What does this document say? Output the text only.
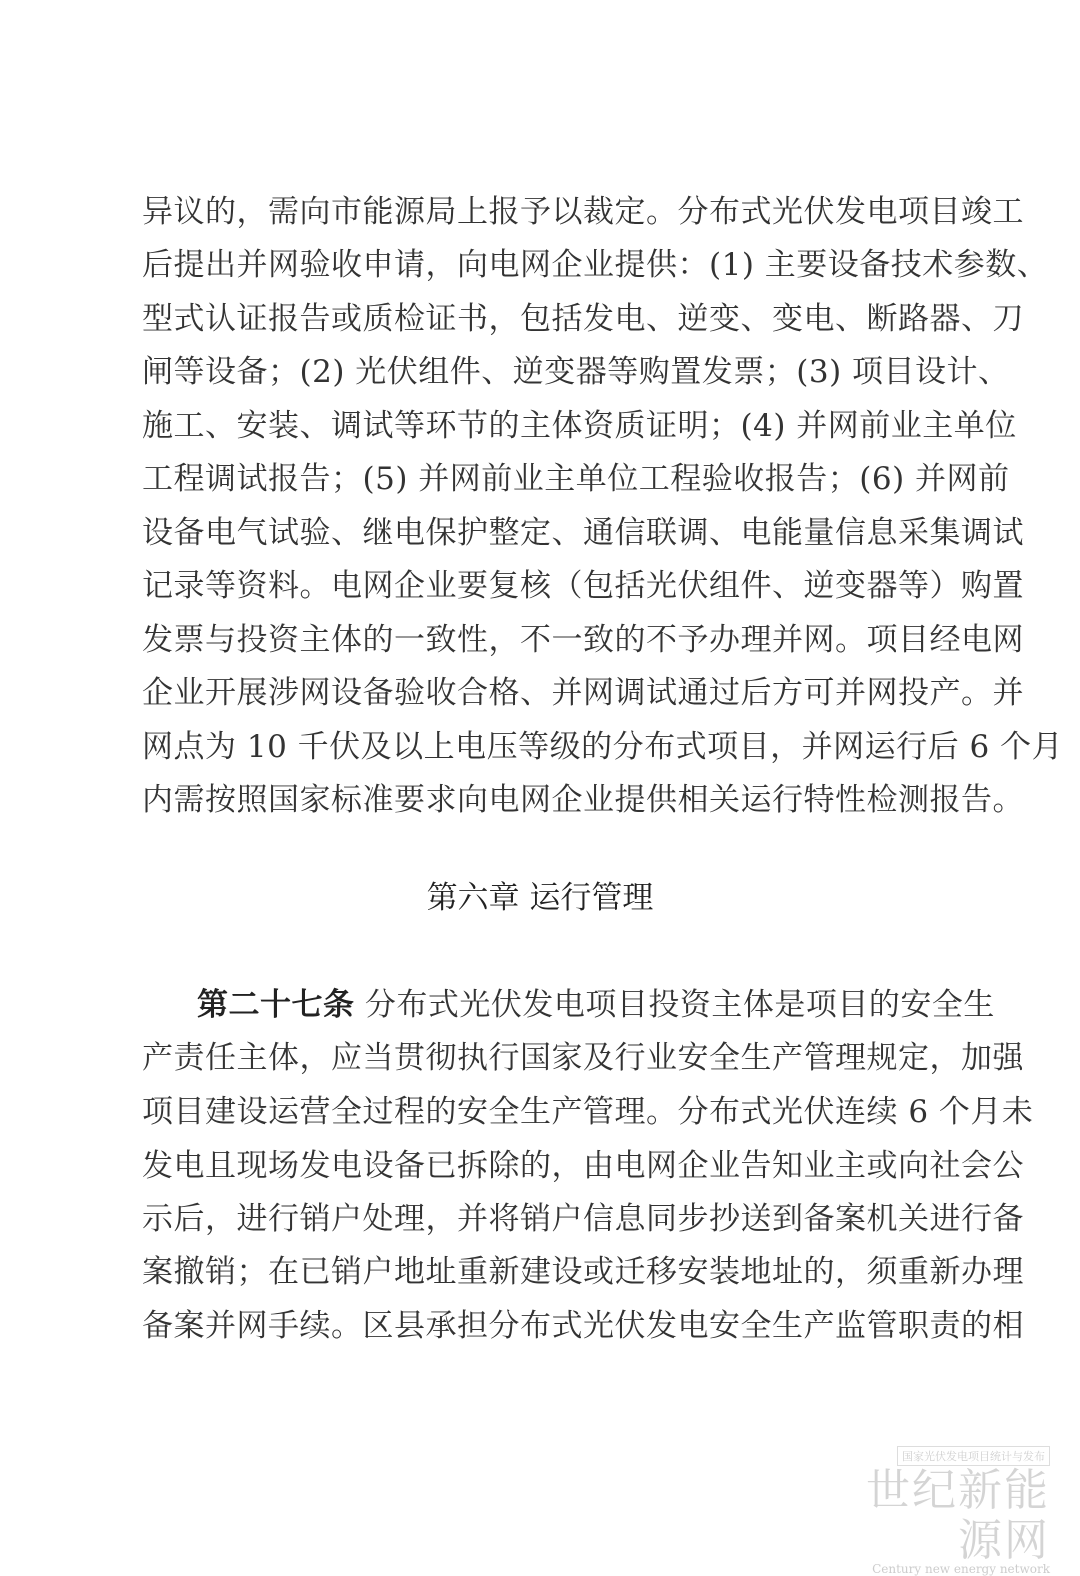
异议的，需向市能源局上报予以裁定。分布式光伏发电项目竣工
后提出并网验收申请，向电网企业提供：(1) 主要设备技术参数、
型式认证报告或质检证书，包括发电、逆变、变电、断路器、刀
闸等设备；(2) 光伏组件、逆变器等购置发票；(3) 项目设计、
施工、安装、调试等环节的主体资质证明；(4) 并网前业主单位
工程调试报告；(5) 并网前业主单位工程验收报告；(6) 并网前
设备电气试验、继电保护整定、通信联调、电能量信息采集调试
记录等资料。电网企业要复核（包括光伏组件、逆变器等）购置
发票与投资主体的一致性，不一致的不予办理并网。项目经电网
企业开展涉网设备验收合格、并网调试通过后方可并网投产。并
网点为 10 千伏及以上电压等级的分布式项目，并网运行后 6 个月
内需按照国家标准要求向电网企业提供相关运行特性检测报告。
第六章 运行管理
第二十七条 分布式光伏发电项目投资主体是项目的安全生
产责任主体，应当贯彻执行国家及行业安全生产管理规定，加强
项目建设运营全过程的安全生产管理。分布式光伏连续 6 个月未
发电且现场发电设备已拆除的，由电网企业告知业主或向社会公
示后，进行销户处理，并将销户信息同步抄送到备案机关进行备
案撤销；在已销户地址重新建设或迁移安装地址的，须重新办理
备案并网手续。区县承担分布式光伏发电安全生产监管职责的相
国家光伏发电项目统计与发布
世纪新能源网
Century new energy network
